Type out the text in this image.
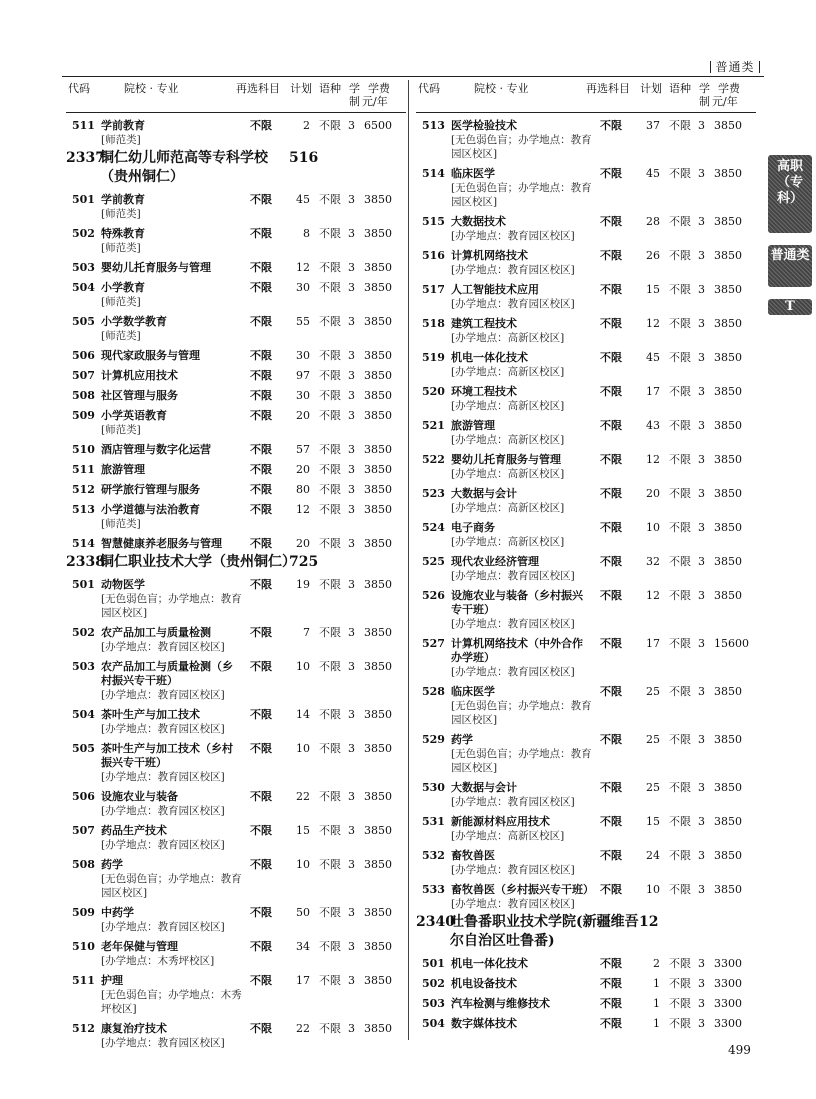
普通类
代码	院校 · 专业	再选科目 计划 语种 学
制
学费
元/年
511 学前教育
[师范类]
不限	2 不限 3 6500
2337
铜仁幼儿师范高等专科学校（贵州铜仁）
516
501 学前教育
[师范类]
不限 45 不限 3 3850
502 特殊教育
[师范类]
不限	8 不限 3 3850
503 婴幼儿托育服务与管理	不限 12 不限 3 3850
504 小学教育
[师范类]
不限 30 不限 3 3850
505 小学数学教育
[师范类]
不限 55 不限 3 3850
506 现代家政服务与管理	不限 30 不限 3 3850
507 计算机应用技术	不限 97 不限 3 3850
508 社区管理与服务	不限 30 不限 3 3850
509 小学英语教育
[师范类]
不限 20 不限 3 3850
510 酒店管理与数字化运营	不限 57 不限 3 3850
511 旅游管理	不限 20 不限 3 3850
512 研学旅行管理与服务	不限 80 不限 3 3850
513 小学道德与法治教育
[师范类]
不限 12 不限 3 3850
514 智慧健康养老服务与管理	不限 20 不限 3 3850
2338
铜仁职业技术大学（贵州铜仁）
725
501 动物医学
[无色弱色盲；办学地点：教育园区校区]
不限 19 不限 3 3850
502 农产品加工与质量检测
[办学地点：教育园区校区]
不限	7 不限 3 3850
503 农产品加工与质量检测（乡村振兴专干班）
[办学地点：教育园区校区]
不限 10 不限 3 3850
504 茶叶生产与加工技术
[办学地点：教育园区校区]
不限 14 不限 3 3850
505 茶叶生产与加工技术（乡村振兴专干班）
[办学地点：教育园区校区]
不限 10 不限 3 3850
506 设施农业与装备
[办学地点：教育园区校区]
不限 22 不限 3 3850
507 药品生产技术
[办学地点：教育园区校区]
不限 15 不限 3 3850
508 药学
[无色弱色盲；办学地点：教育园区校区]
不限 10 不限 3 3850
509 中药学
[办学地点：教育园区校区]
不限 50 不限 3 3850
510 老年保健与管理
[办学地点：木秀坪校区]
不限 34 不限 3 3850
511 护理
[无色弱色盲；办学地点：木秀坪校区]
不限 17 不限 3 3850
512 康复治疗技术
[办学地点：教育园区校区]
不限 22 不限 3 3850
代码	院校 · 专业	再选科目 计划 语种 学
制
学费
元/年
513 医学检验技术
[无色弱色盲；办学地点：教育园区校区]
不限 37 不限 3 3850
514 临床医学
[无色弱色盲；办学地点：教育园区校区]
不限 45 不限 3 3850
515 大数据技术
[办学地点：教育园区校区]
不限 28 不限 3 3850
516 计算机网络技术
[办学地点：教育园区校区]
不限 26 不限 3 3850
517 人工智能技术应用
[办学地点：教育园区校区]
不限 15 不限 3 3850
518 建筑工程技术
[办学地点：高新区校区]
不限 12 不限 3 3850
519 机电一体化技术
[办学地点：高新区校区]
不限 45 不限 3 3850
520 环境工程技术
[办学地点：高新区校区]
不限 17 不限 3 3850
521 旅游管理
[办学地点：高新区校区]
不限 43 不限 3 3850
522 婴幼儿托育服务与管理
[办学地点：高新区校区]
不限 12 不限 3 3850
523 大数据与会计
[办学地点：高新区校区]
不限 20 不限 3 3850
524 电子商务
[办学地点：高新区校区]
不限 10 不限 3 3850
525 现代农业经济管理
[办学地点：教育园区校区]
不限 32 不限 3 3850
526 设施农业与装备（乡村振兴专干班）
[办学地点：教育园区校区]
不限 12 不限 3 3850
527 计算机网络技术（中外合作办学班）
[办学地点：教育园区校区]
不限 17 不限 3 15600
528 临床医学
[无色弱色盲；办学地点：教育园区校区]
不限 25 不限 3 3850
529 药学
[无色弱色盲；办学地点：教育园区校区]
不限 25 不限 3 3850
530 大数据与会计
[办学地点：教育园区校区]
不限 25 不限 3 3850
531 新能源材料应用技术
[办学地点：高新区校区]
不限 15 不限 3 3850
532 畜牧兽医
[办学地点：教育园区校区]
不限 24 不限 3 3850
533 畜牧兽医（乡村振兴专干班）
[办学地点：教育园区校区]
不限 10 不限 3 3850
2340
吐鲁番职业技术学院(新疆维吾尔自治区吐鲁番)
12
501 机电一体化技术	不限	2 不限 3 3300
502 机电设备技术	不限	1 不限 3 3300
503 汽车检测与维修技术	不限	1 不限 3 3300
504 数字媒体技术	不限	1 不限 3 3300
高职（专科）
普通类
T
499
